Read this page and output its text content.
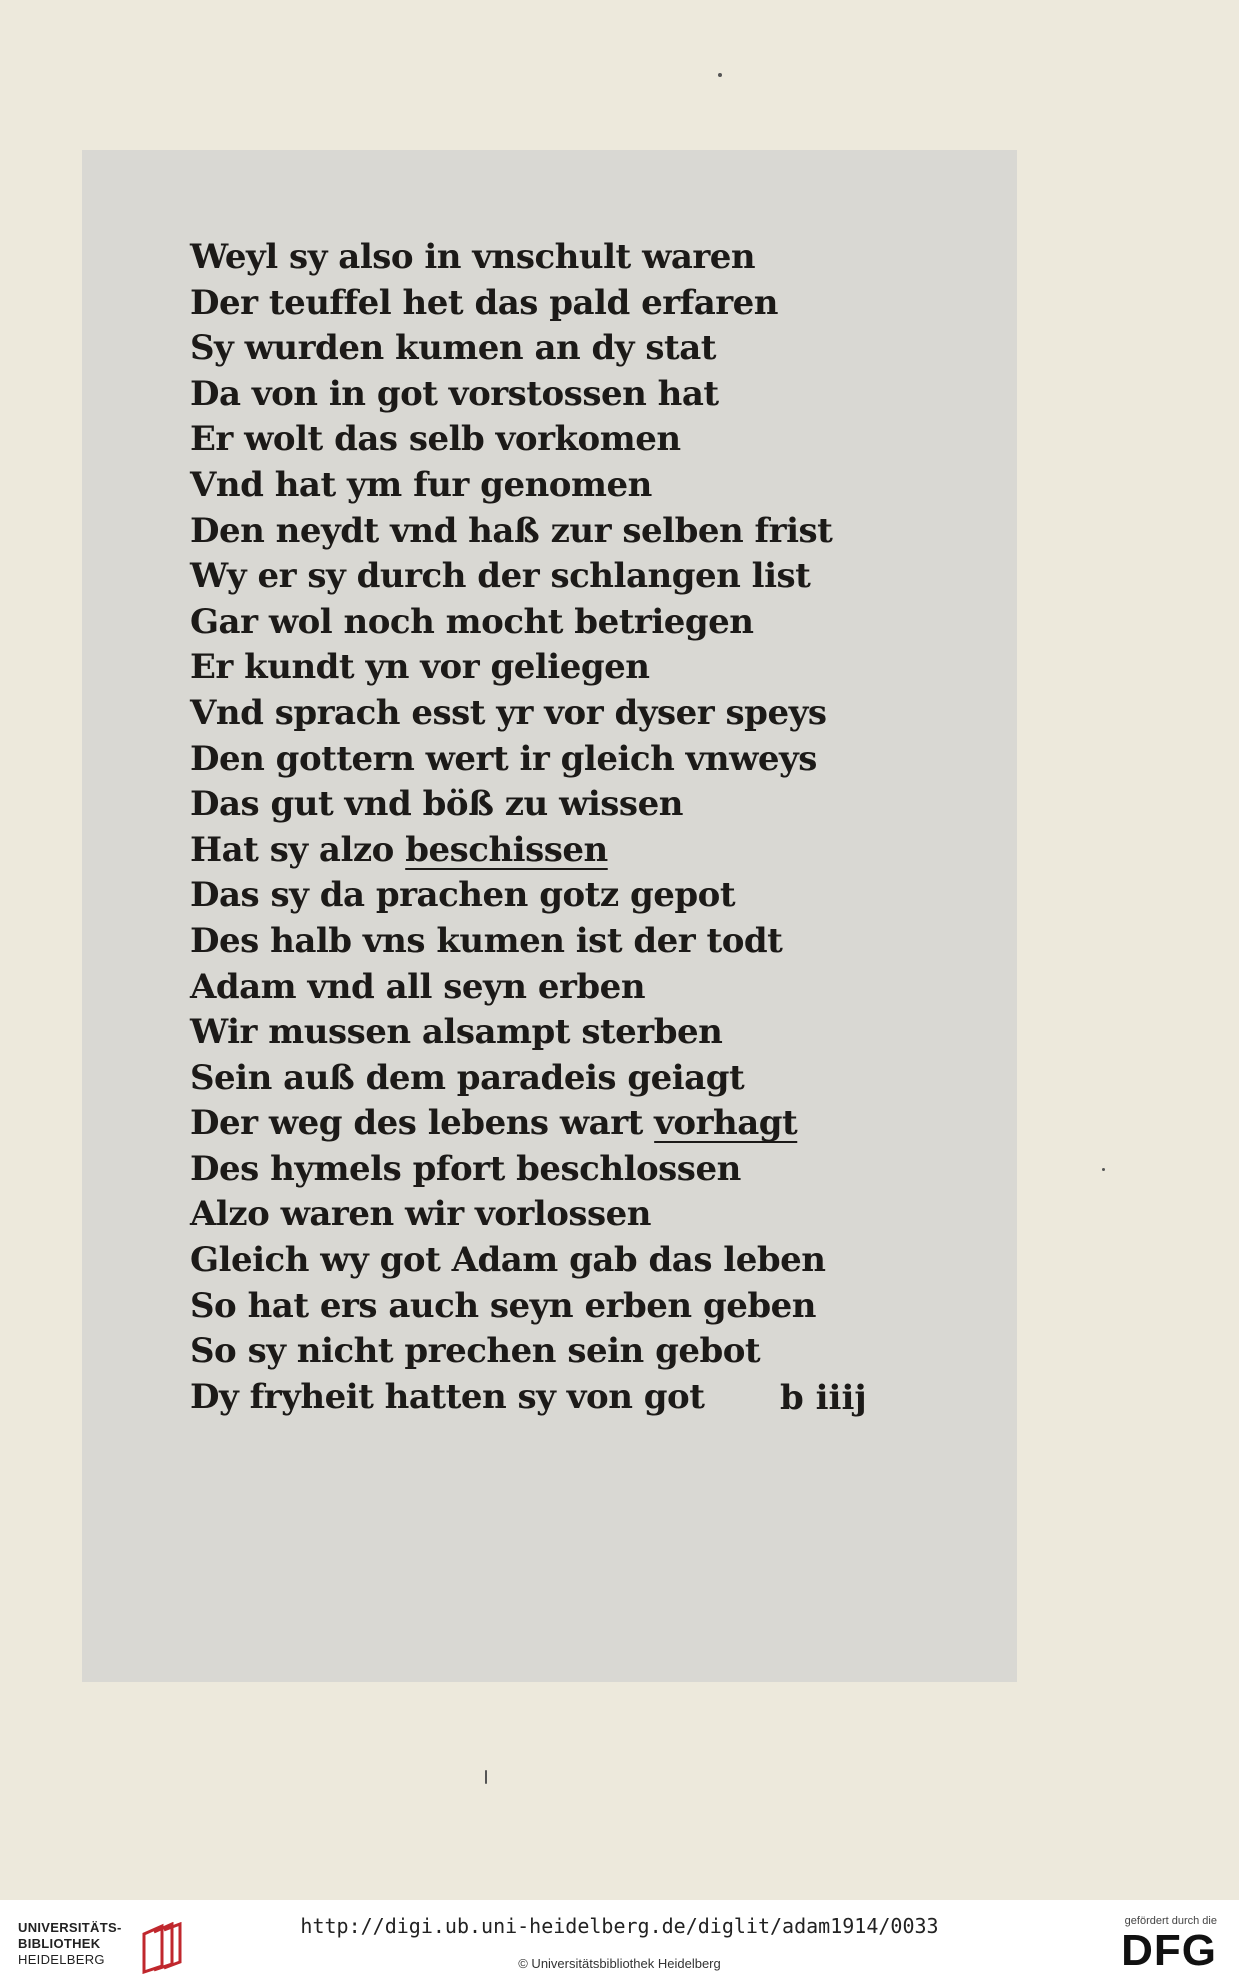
Weyl sy also in vnschult waren
Der teuffel het das pald erfaren
Sy wurden kumen an dy stat
Da von in got vorstossen hat
Er wolt das selb vorkomen
Vnd hat ym fur genomen
Den neydt vnd haß zur selben frist
Wy er sy durch der schlangen list
Gar wol noch mocht betriegen
Er kundt yn vor geliegen
Vnd sprach esst yr vor dyser speys
Den gottern wert ir gleich vnweys
Das gut vnd böß zu wissen
Hat sy alzo beschissen
Das sy da prachen gotz gepot
Des halb vns kumen ist der todt
Adam vnd all seyn erben
Wir mussen alsampt sterben
Sein auß dem paradeis geiagt
Der weg des lebens wart vorhagt
Des hymels pfort beschlossen
Alzo waren wir vorlossen
Gleich wy got Adam gab das leben
So hat ers auch seyn erben geben
So sy nicht prechen sein gebot
Dy fryheit hatten sy von got	b iiij
UNIVERSITÄTS-
BIBLIOTHEK
HEIDELBERG
http://digi.ub.uni-heidelberg.de/diglit/adam1914/0033
© Universitätsbibliothek Heidelberg
gefördert durch die
DFG
